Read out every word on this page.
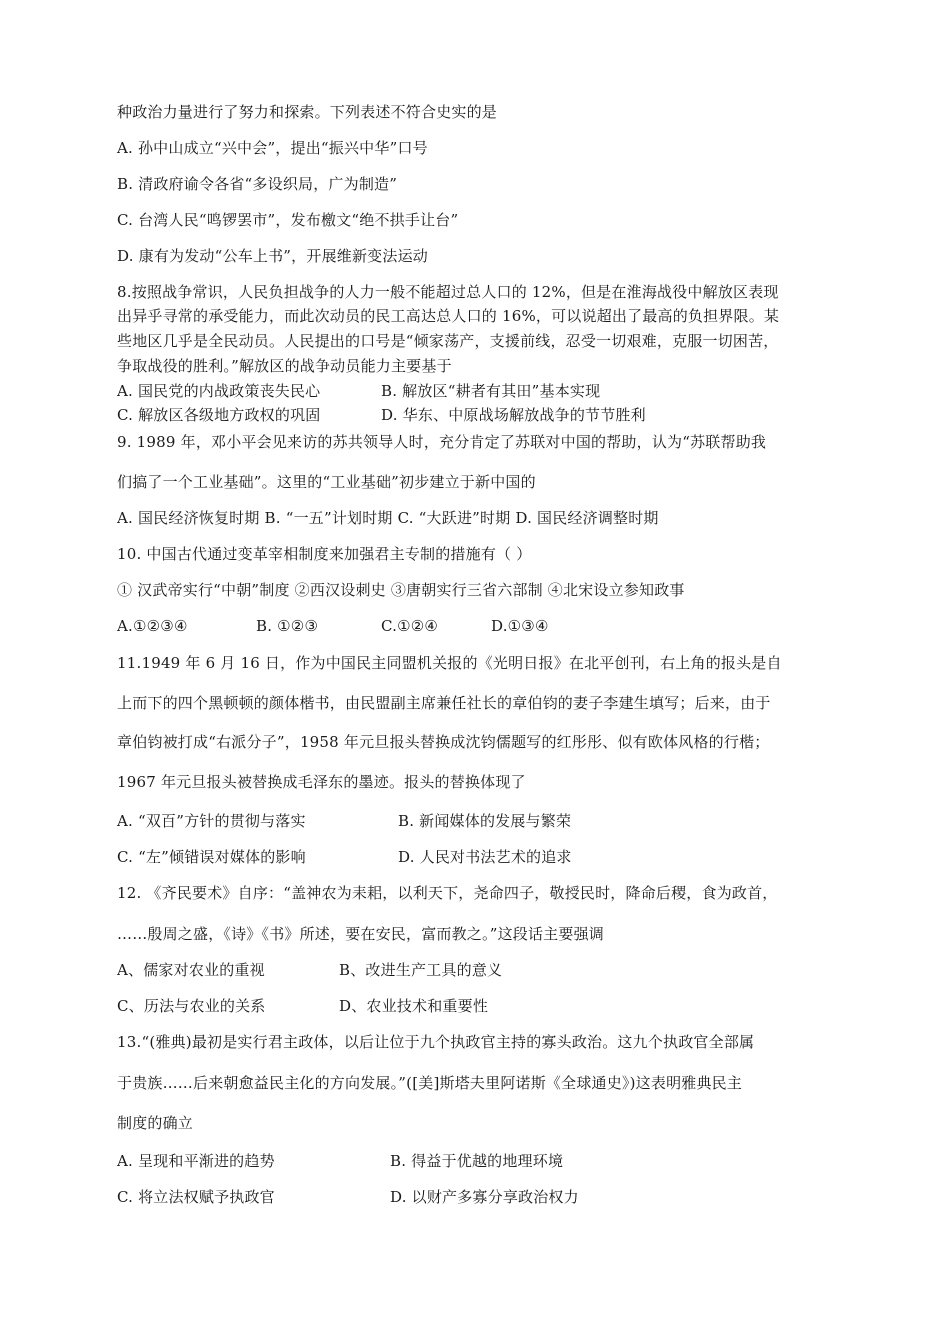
种政治力量进行了努力和探索。下列表述不符合史实的是
A. 孙中山成立“兴中会”，提出“振兴中华”口号
B. 清政府谕令各省“多设织局，广为制造”
C. 台湾人民“鸣锣罢市”，发布檄文“绝不拱手让台”
D. 康有为发动“公车上书”，开展维新变法运动
8.按照战争常识，人民负担战争的人力一般不能超过总人口的 12%，但是在淮海战役中解放区表现
出异乎寻常的承受能力，而此次动员的民工高达总人口的 16%，可以说超出了最高的负担界限。某
些地区几乎是全民动员。人民提出的口号是“倾家荡产，支援前线，忍受一切艰难，克服一切困苦，
争取战役的胜利。”解放区的战争动员能力主要基于
A. 国民党的内战政策丧失民心	B. 解放区“耕者有其田”基本实现
C. 解放区各级地方政权的巩固	D. 华东、中原战场解放战争的节节胜利
9. 1989 年，邓小平会见来访的苏共领导人时，充分肯定了苏联对中国的帮助，认为“苏联帮助我
们搞了一个工业基础”。这里的“工业基础”初步建立于新中国的
A. 国民经济恢复时期 B. “一五”计划时期 C. “大跃进”时期 D. 国民经济调整时期
10. 中国古代通过变革宰相制度来加强君主专制的措施有（ ）
① 汉武帝实行“中朝”制度 ②西汉设刺史 ③唐朝实行三省六部制 ④北宋设立参知政事
A.①②③④	B. ①②③	C.①②④	D.①③④
11.1949 年 6 月 16 日，作为中国民主同盟机关报的《光明日报》在北平创刊，右上角的报头是自
上而下的四个黑顿顿的颜体楷书，由民盟副主席兼任社长的章伯钧的妻子李建生填写；后来，由于
章伯钧被打成“右派分子”，1958 年元旦报头替换成沈钧儒题写的红彤彤、似有欧体风格的行楷；
1967 年元旦报头被替换成毛泽东的墨迹。报头的替换体现了
A. “双百”方针的贯彻与落实	B. 新闻媒体的发展与繁荣
C. “左”倾错误对媒体的影响	D. 人民对书法艺术的追求
12. 《齐民要术》自序：“盖神农为耒耜，以利天下，尧命四子，敬授民时，降命后稷，食为政首，
……殷周之盛，《诗》《书》所述，要在安民，富而教之。”这段话主要强调
A、儒家对农业的重视	B、改进生产工具的意义
C、历法与农业的关系	D、农业技术和重要性
13.“(雅典)最初是实行君主政体，以后让位于九个执政官主持的寡头政治。这九个执政官全部属
于贵族……后来朝愈益民主化的方向发展。”([美]斯塔夫里阿诺斯《全球通史》)这表明雅典民主
制度的确立
A. 呈现和平渐进的趋势	B. 得益于优越的地理环境
C. 将立法权赋予执政官	D. 以财产多寡分享政治权力
